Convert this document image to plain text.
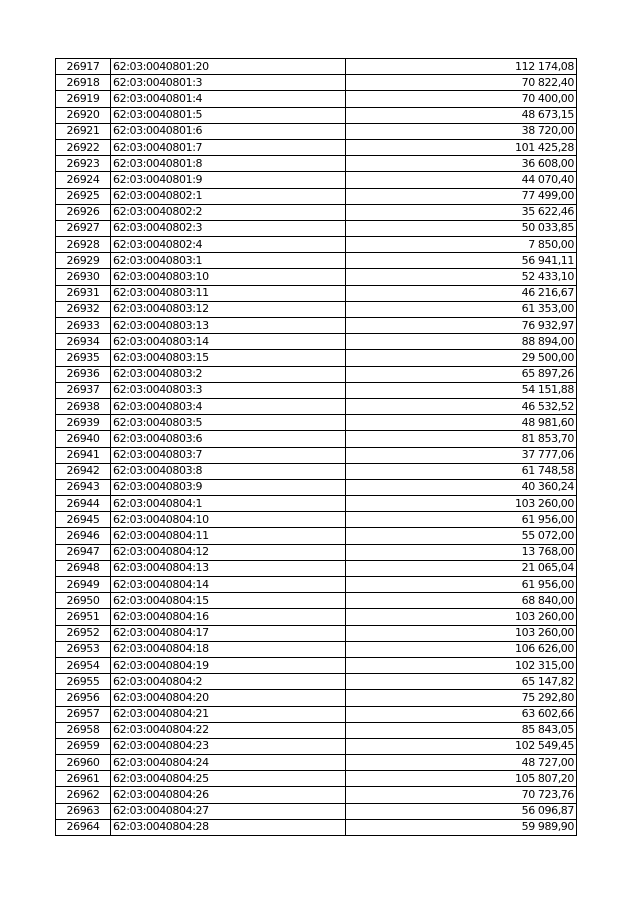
26917	62:03:0040801:20	112 174,08
26918	62:03:0040801:3	70 822,40
26919	62:03:0040801:4	70 400,00
26920	62:03:0040801:5	48 673,15
26921	62:03:0040801:6	38 720,00
26922	62:03:0040801:7	101 425,28
26923	62:03:0040801:8	36 608,00
26924	62:03:0040801:9	44 070,40
26925	62:03:0040802:1	77 499,00
26926	62:03:0040802:2	35 622,46
26927	62:03:0040802:3	50 033,85
26928	62:03:0040802:4	7 850,00
26929	62:03:0040803:1	56 941,11
26930	62:03:0040803:10	52 433,10
26931	62:03:0040803:11	46 216,67
26932	62:03:0040803:12	61 353,00
26933	62:03:0040803:13	76 932,97
26934	62:03:0040803:14	88 894,00
26935	62:03:0040803:15	29 500,00
26936	62:03:0040803:2	65 897,26
26937	62:03:0040803:3	54 151,88
26938	62:03:0040803:4	46 532,52
26939	62:03:0040803:5	48 981,60
26940	62:03:0040803:6	81 853,70
26941	62:03:0040803:7	37 777,06
26942	62:03:0040803:8	61 748,58
26943	62:03:0040803:9	40 360,24
26944	62:03:0040804:1	103 260,00
26945	62:03:0040804:10	61 956,00
26946	62:03:0040804:11	55 072,00
26947	62:03:0040804:12	13 768,00
26948	62:03:0040804:13	21 065,04
26949	62:03:0040804:14	61 956,00
26950	62:03:0040804:15	68 840,00
26951	62:03:0040804:16	103 260,00
26952	62:03:0040804:17	103 260,00
26953	62:03:0040804:18	106 626,00
26954	62:03:0040804:19	102 315,00
26955	62:03:0040804:2	65 147,82
26956	62:03:0040804:20	75 292,80
26957	62:03:0040804:21	63 602,66
26958	62:03:0040804:22	85 843,05
26959	62:03:0040804:23	102 549,45
26960	62:03:0040804:24	48 727,00
26961	62:03:0040804:25	105 807,20
26962	62:03:0040804:26	70 723,76
26963	62:03:0040804:27	56 096,87
26964	62:03:0040804:28	59 989,90
